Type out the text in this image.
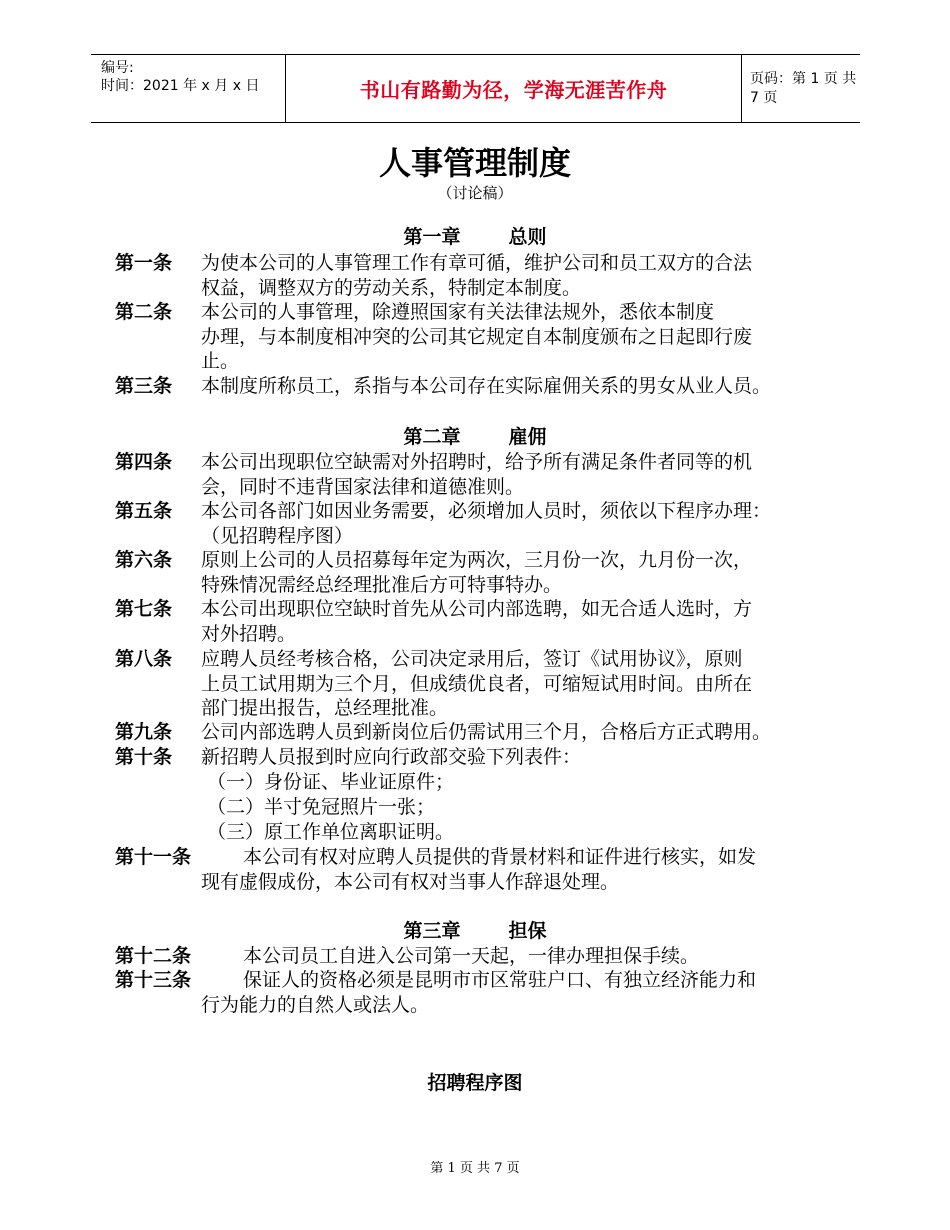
编号:
时间：2021 年 x 月 x 日	书山有路勤为径，学海无涯苦作舟	页码：第 1 页 共 7 页
人事管理制度
（讨论稿）
第一章	总则
第一条 为使本公司的人事管理工作有章可循，维护公司和员工双方的合法
权益，调整双方的劳动关系，特制定本制度。
第二条 本公司的人事管理，除遵照国家有关法律法规外，悉依本制度
办理，与本制度相冲突的公司其它规定自本制度颁布之日起即行废
止。
第三条 本制度所称员工，系指与本公司存在实际雇佣关系的男女从业人员。
第二章	雇佣
第四条 本公司出现职位空缺需对外招聘时，给予所有满足条件者同等的机
会，同时不违背国家法律和道德准则。
第五条 本公司各部门如因业务需要，必须增加人员时，须依以下程序办理：
（见招聘程序图）
第六条 原则上公司的人员招募每年定为两次，三月份一次，九月份一次，
特殊情况需经总经理批准后方可特事特办。
第七条 本公司出现职位空缺时首先从公司内部选聘，如无合适人选时，方
对外招聘。
第八条 应聘人员经考核合格，公司决定录用后，签订《试用协议》，原则
上员工试用期为三个月，但成绩优良者，可缩短试用时间。由所在
部门提出报告，总经理批准。
第九条 公司内部选聘人员到新岗位后仍需试用三个月，合格后方正式聘用。
第十条 新招聘人员报到时应向行政部交验下列表件：
（一）身份证、毕业证原件；
（二）半寸免冠照片一张；
（三）原工作单位离职证明。
第十一条	本公司有权对应聘人员提供的背景材料和证件进行核实，如发
现有虚假成份，本公司有权对当事人作辞退处理。
第三章	担保
第十二条	本公司员工自进入公司第一天起，一律办理担保手续。
第十三条	保证人的资格必须是昆明市市区常驻户口、有独立经济能力和
行为能力的自然人或法人。
招聘程序图
第 1 页 共 7 页
